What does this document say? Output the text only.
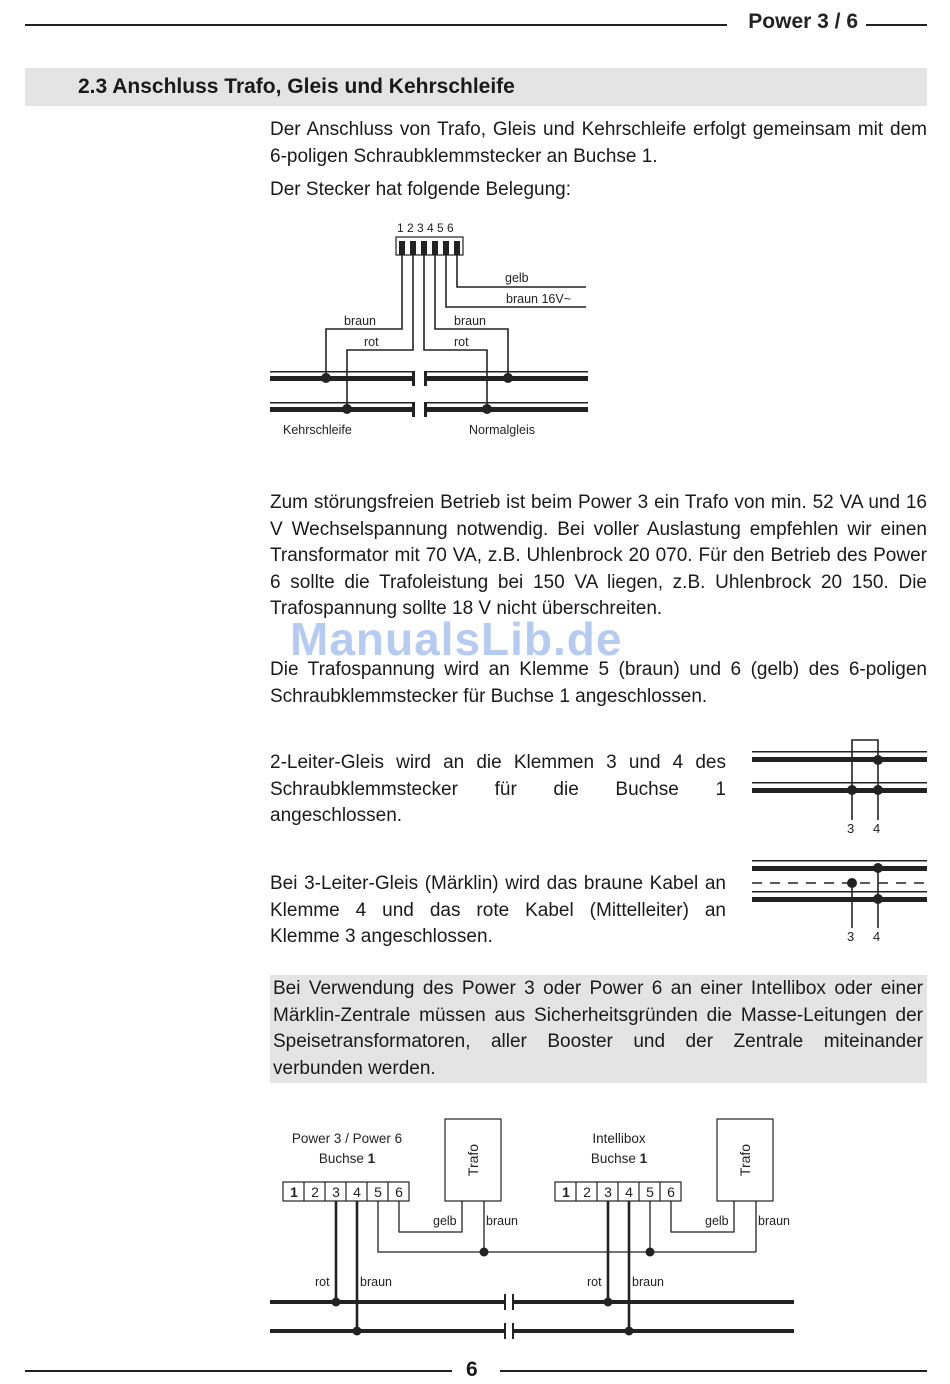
Power 3 / 6
2.3 Anschluss Trafo, Gleis und Kehrschleife

Der Anschluss von Trafo, Gleis und Kehrschleife erfolgt gemeinsam mit dem 6-poligen Schraubklemmstecker an Buchse 1.

Der Stecker hat folgende Belegung:

1 2 3 4 5 6
gelb
braun 16V~
braun
rot
braun
rot
Kehrschleife	Normalgleis

Zum störungsfreien Betrieb ist beim Power 3 ein Trafo von min. 52 VA und 16 V Wechselspannung notwendig. Bei voller Auslastung empfehlen wir einen Transformator mit 70 VA, z.B. Uhlenbrock 20 070. Für den Betrieb des Power 6 sollte die Trafoleistung bei 150 VA liegen, z.B. Uhlenbrock 20 150. Die Trafospannung sollte 18 V nicht überschreiten.

ManualsLib.de

Die Trafospannung wird an Klemme 5 (braun) und 6 (gelb) des 6-poligen Schraubklemmstecker für Buchse 1 angeschlossen.

2-Leiter-Gleis wird an die Klemmen 3 und 4 des Schraubklemmstecker für die Buchse 1 angeschlossen.

3 4

Bei 3-Leiter-Gleis (Märklin) wird das braune Kabel an Klemme 4 und das rote Kabel (Mittelleiter) an Klemme 3 angeschlossen.	3 4

Bei Verwendung des Power 3 oder Power 6 an einer Intellibox oder einer Märklin-Zentrale müssen aus Sicherheitsgründen die Masse-Leitungen der Speisetransformatoren, aller Booster und der Zentrale miteinander verbunden werden.

Power 3 / Power 6
Buchse 1
1 2 3 4 5 6
Trafo
Intellibox
Buchse 1
1 2 3 4 5 6
Trafo
gelb braun	gelb braun
rot braun	rot braun
6
